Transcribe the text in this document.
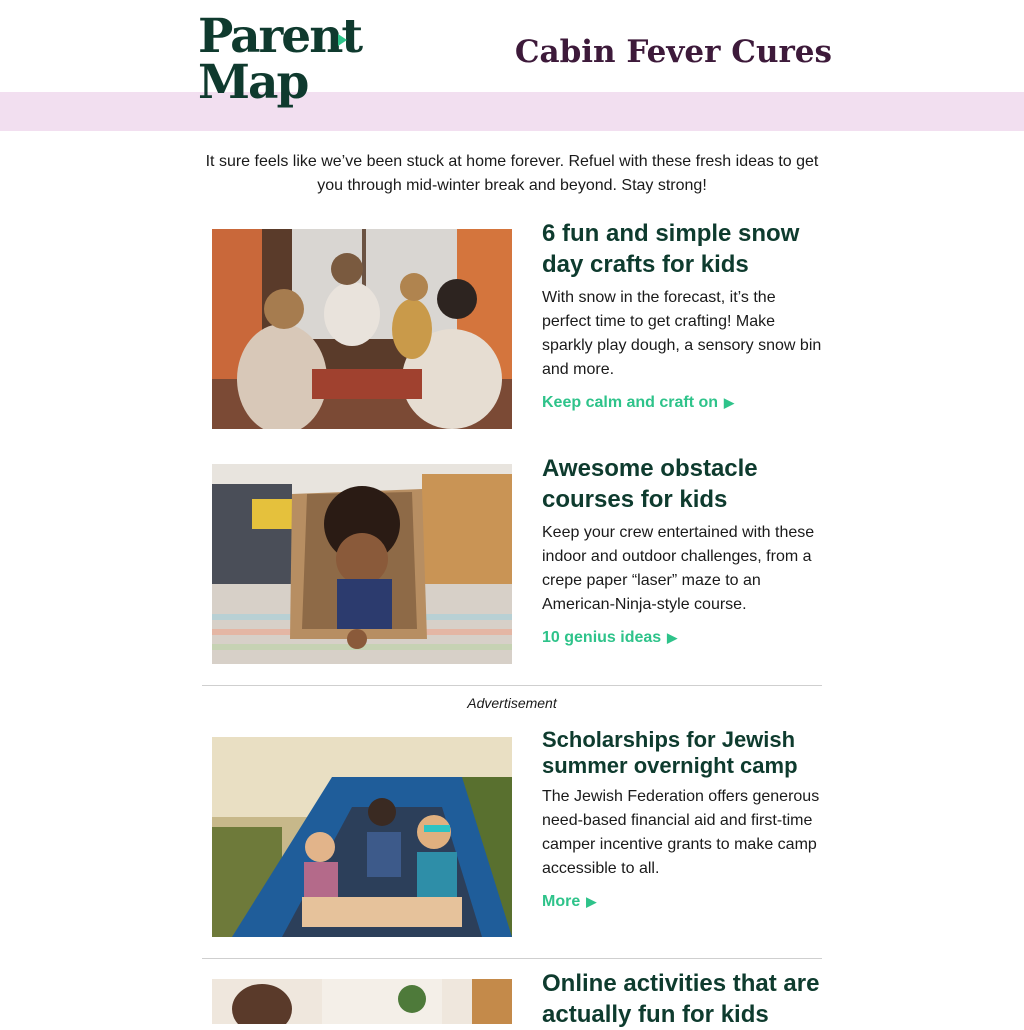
Parent
Map
Cabin Fever Cures
It sure feels like we’ve been stuck at home forever. Refuel with these fresh ideas to get you through mid-winter break and beyond. Stay strong!
6 fun and simple snow day crafts for kids

With snow in the forecast, it’s the perfect time to get crafting! Make sparkly play dough, a sensory snow bin and more.

Keep calm and craft on ▶
Awesome obstacle courses for kids

Keep your crew entertained with these indoor and outdoor challenges, from a crepe paper “laser” maze to an American-Ninja-style course.

10 genius ideas ▶
Advertisement
Scholarships for Jewish summer overnight camp

The Jewish Federation offers generous need-based financial aid and first-time camper incentive grants to make camp accessible to all.

More ▶
Online activities that are actually fun for kids
